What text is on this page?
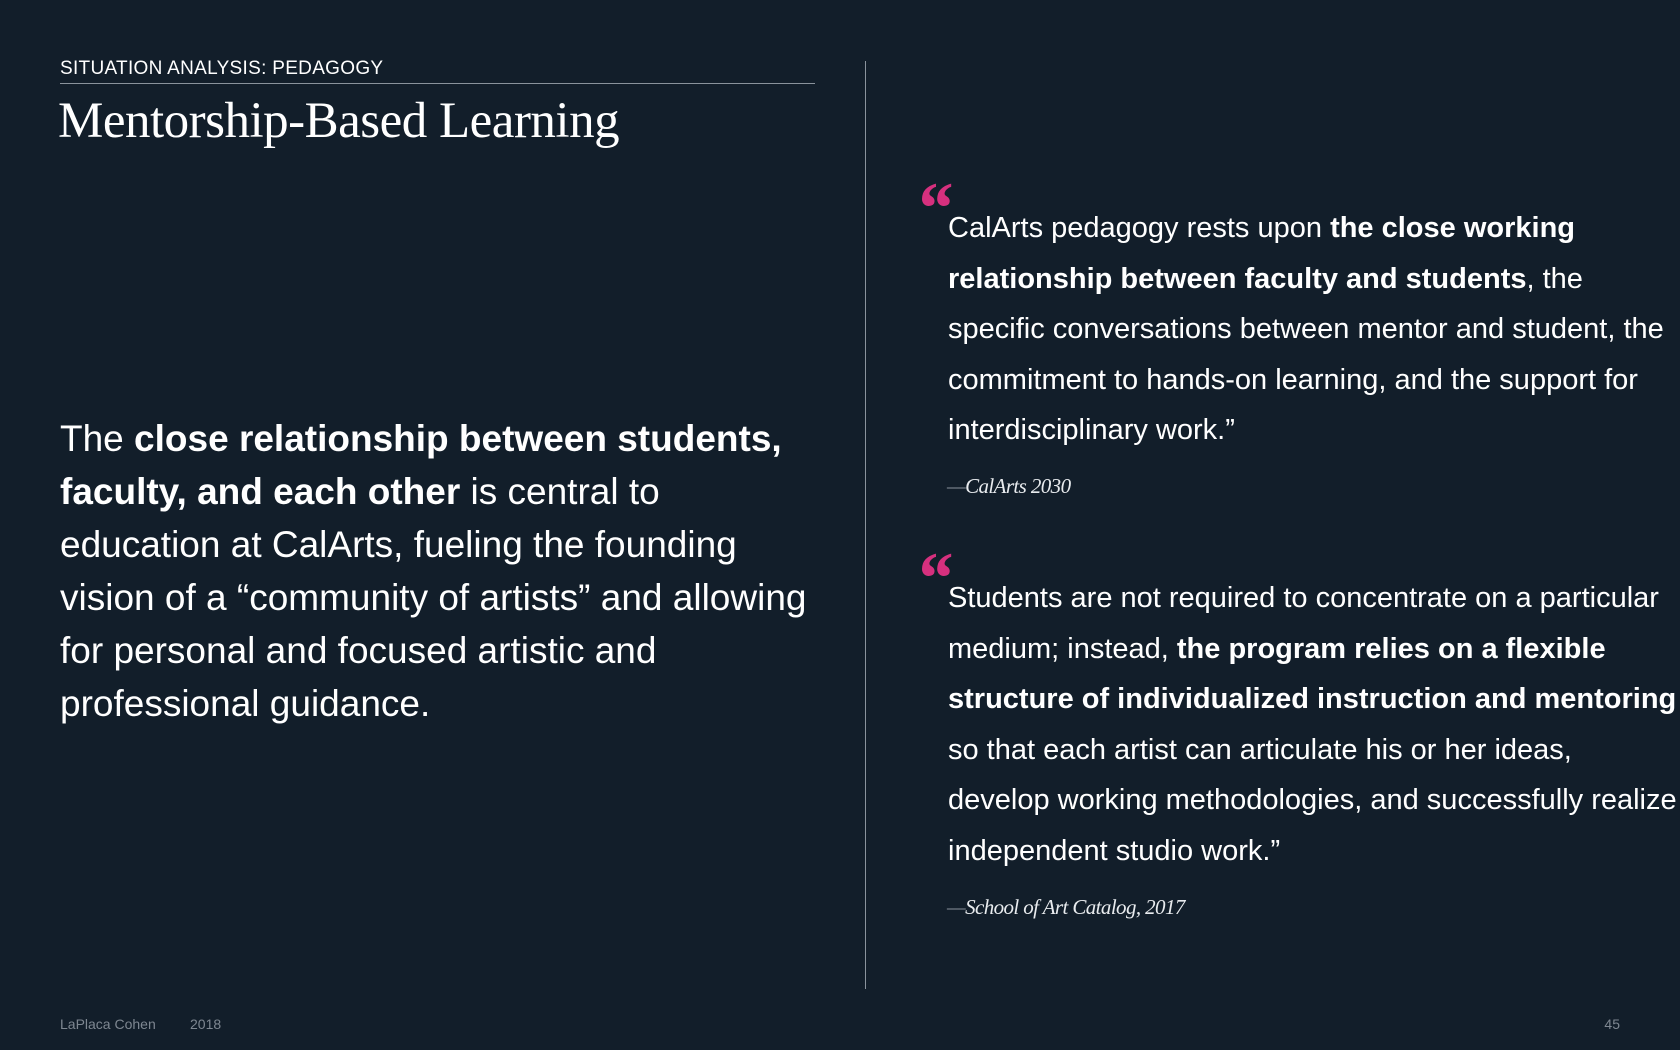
SITUATION ANALYSIS: PEDAGOGY
Mentorship-Based Learning

The close relationship between students, faculty, and each other is central to education at CalArts, fueling the founding vision of a “community of artists” and allowing for personal and focused artistic and professional guidance.

“

CalArts pedagogy rests upon the close working relationship between faculty and students, the specific conversations between mentor and student, the commitment to hands-on learning, and the support for interdisciplinary work.”

—CalArts 2030
“

Students are not required to concentrate on a particular medium; instead, the program relies on a flexible structure of individualized instruction and mentoring so that each artist can articulate his or her ideas, develop working methodologies, and successfully realize independent studio work.”

—School of Art Catalog, 2017
LaPlaca Cohen 2018	45
